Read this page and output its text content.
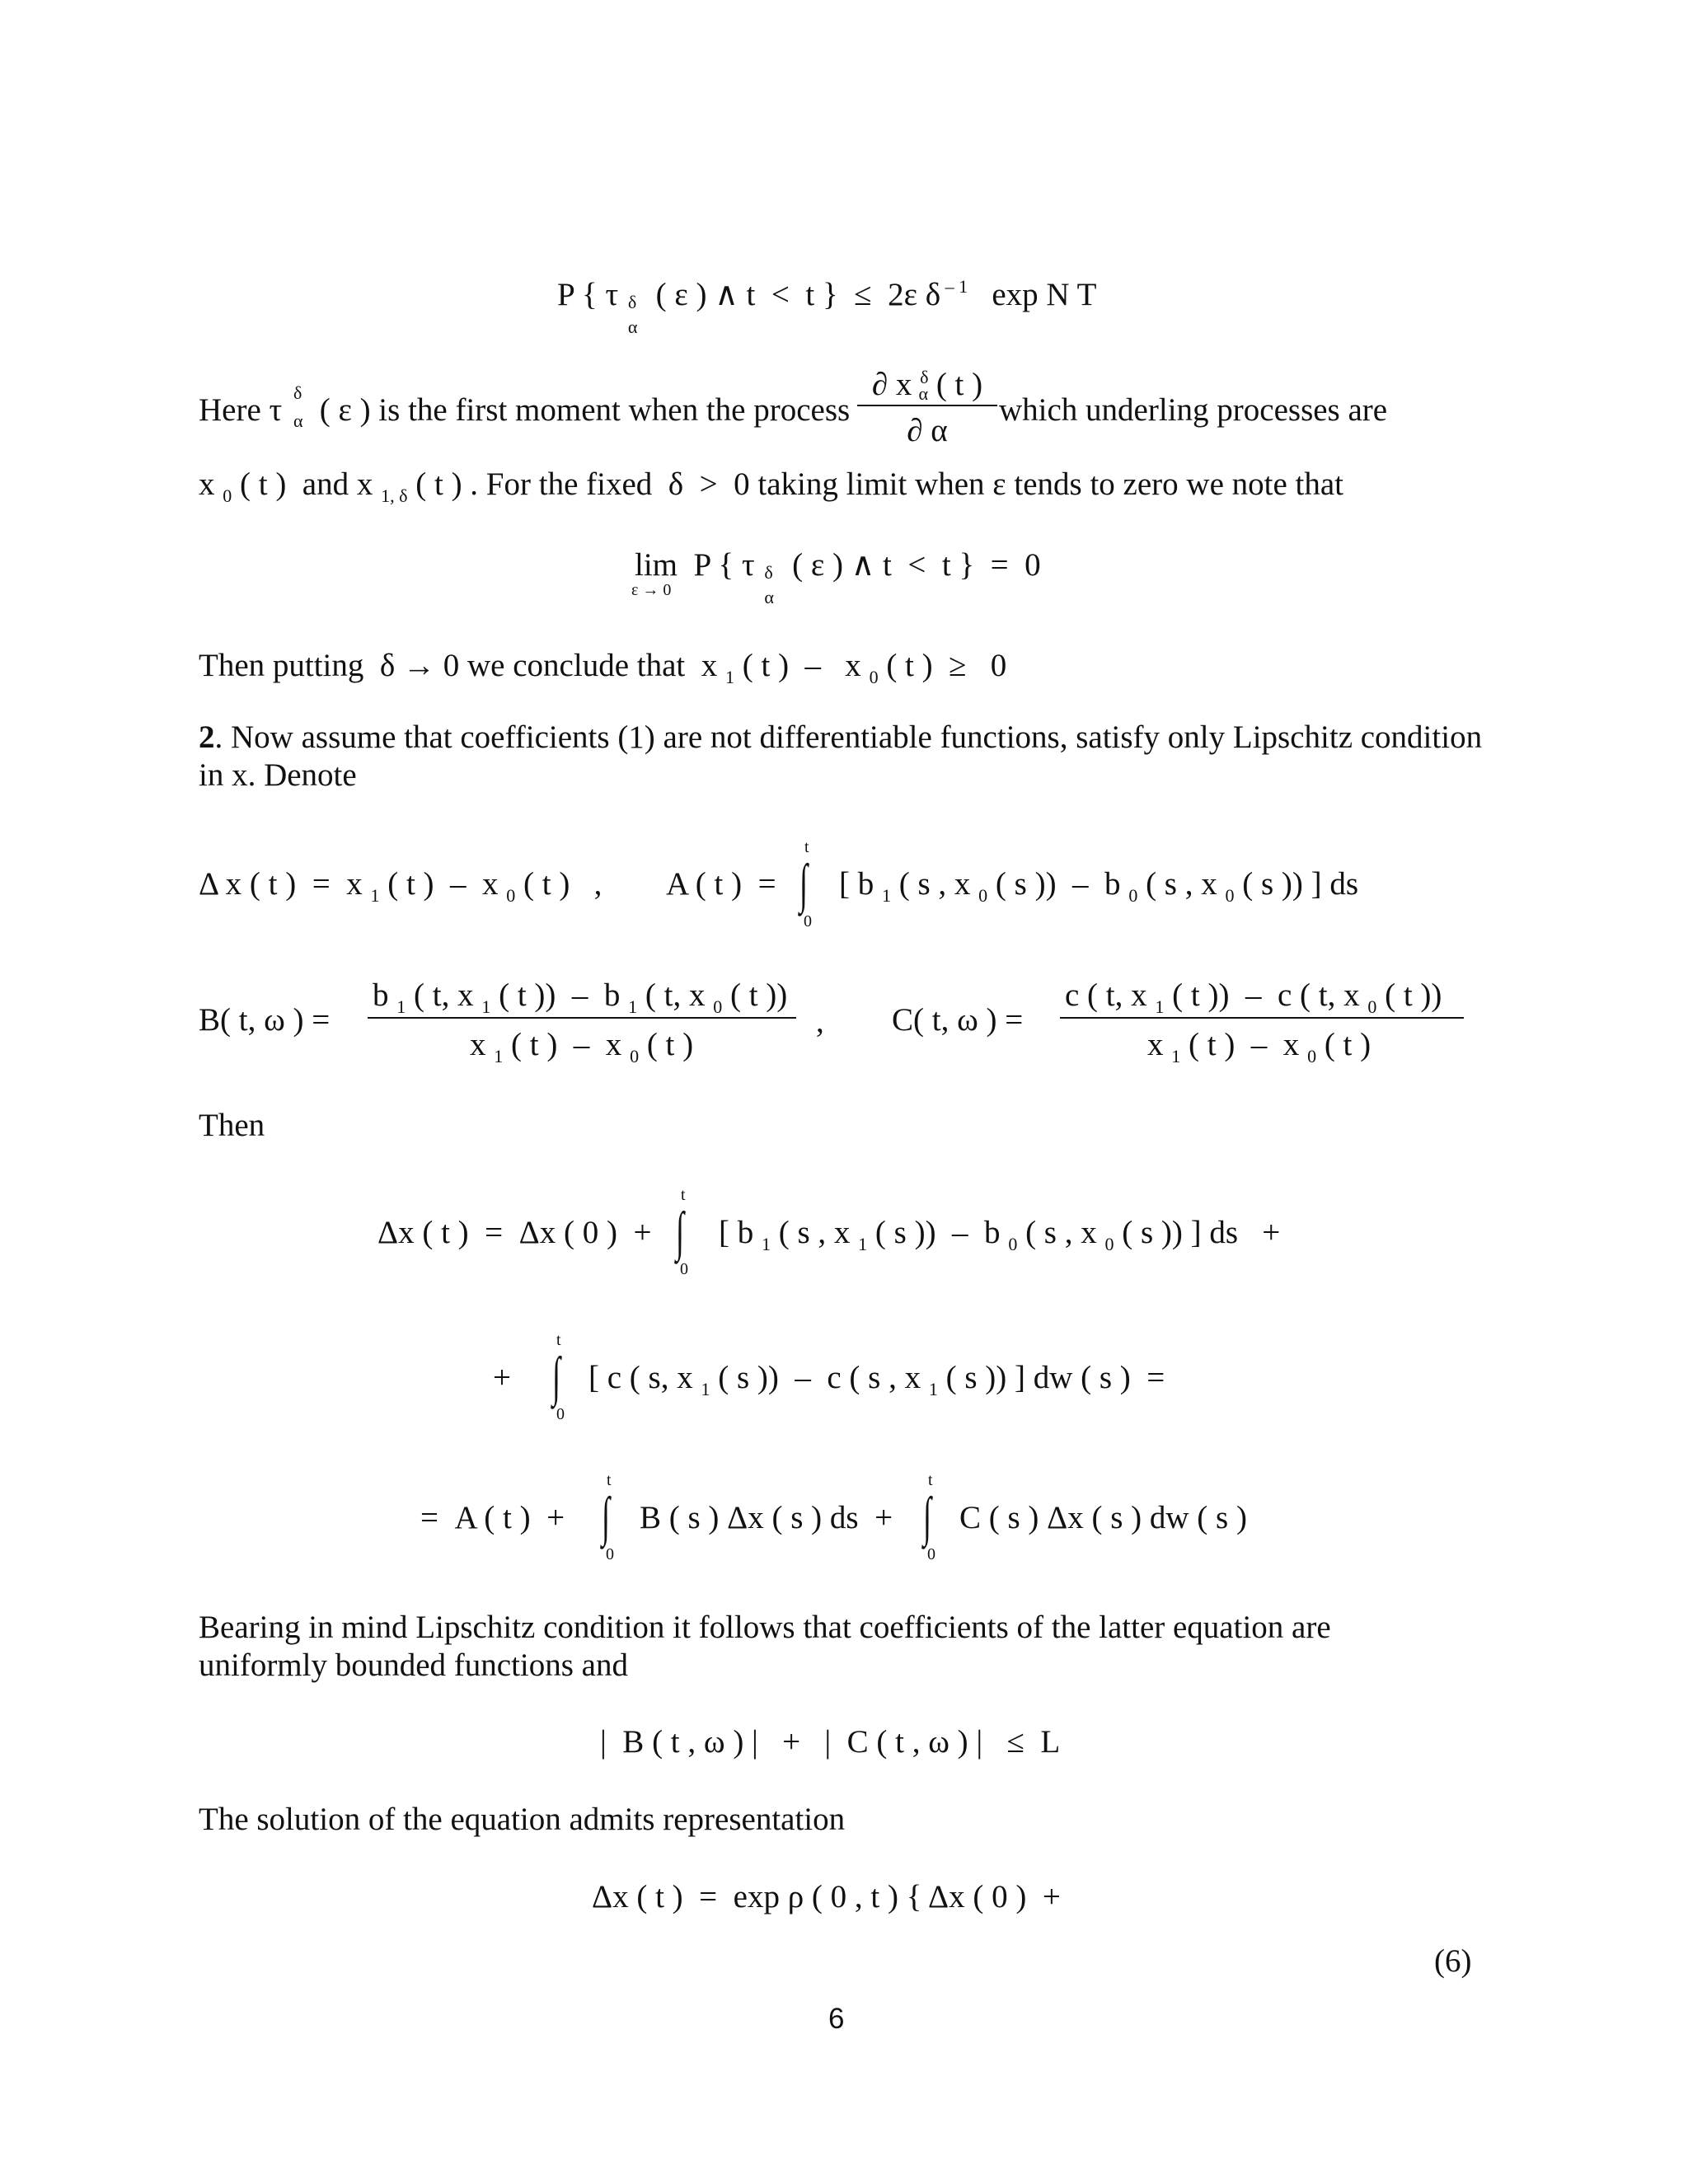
P { τ δ
α
( ε ) ∧ t  <  t }  ≤  2ε δ $^{- 1}$   exp N T
Here τ δ
α ( ε ) is the first moment when the process
∂ x $^\delta$α ( t )
∂ α
which underling processes are
x $_0$ ( t )  and x $_{1, \delta}$ ( t ) . For the fixed  δ  >  0 taking limit when ε tends to zero we note that
lim  P { τ δ
α
( ε ) ∧ t  <  t }  =  0
ε → 0
Then putting  δ → 0 we conclude that  x $_1$ ( t )  –   x $_0$ ( t )  ≥   0
2. Now assume that coefficients (1) are not differentiable functions, satisfy only Lipschitz condition in x. Denote
Δ x ( t )  =  x $_1$ ( t )  –  x $_0$ ( t )   , A ( t )  = ∫
t
0
[ b $_1$ ( s , x $_0$ ( s ))  –  b $_0$ ( s , x $_0$ ( s )) ] ds
B( t, ω ) =
b $_1$ ( t, x $_1$ ( t ))  –  b $_1$ ( t, x $_0$ ( t ))
x $_1$ ( t )  –  x $_0$ ( t )
, C( t, ω ) =
c ( t, x $_1$ ( t ))  –  c ( t, x $_0$ ( t ))
x $_1$ ( t )  –  x $_0$ ( t )
Then
Δx ( t )  =  Δx ( 0 )  + ∫
t
0
[ b $_1$ ( s , x $_1$ ( s ))  –  b $_0$ ( s , x $_0$ ( s )) ] ds   +
+ ∫
t
0
[ c ( s, x $_1$ ( s ))  –  c ( s , x $_1$ ( s )) ] dw ( s )  =
=  A ( t )  + ∫
t
0
B ( s ) Δx ( s ) ds  + ∫
t
0
C ( s ) Δx ( s ) dw ( s )
Bearing in mind Lipschitz condition it follows that coefficients of the latter equation are uniformly bounded functions and
|  B ( t , ω ) |   +   |  C ( t , ω ) |   ≤  L
The solution of the equation admits representation
Δx ( t )  =  exp ρ ( 0 , t ) { Δx ( 0 )  +
(6)
6
